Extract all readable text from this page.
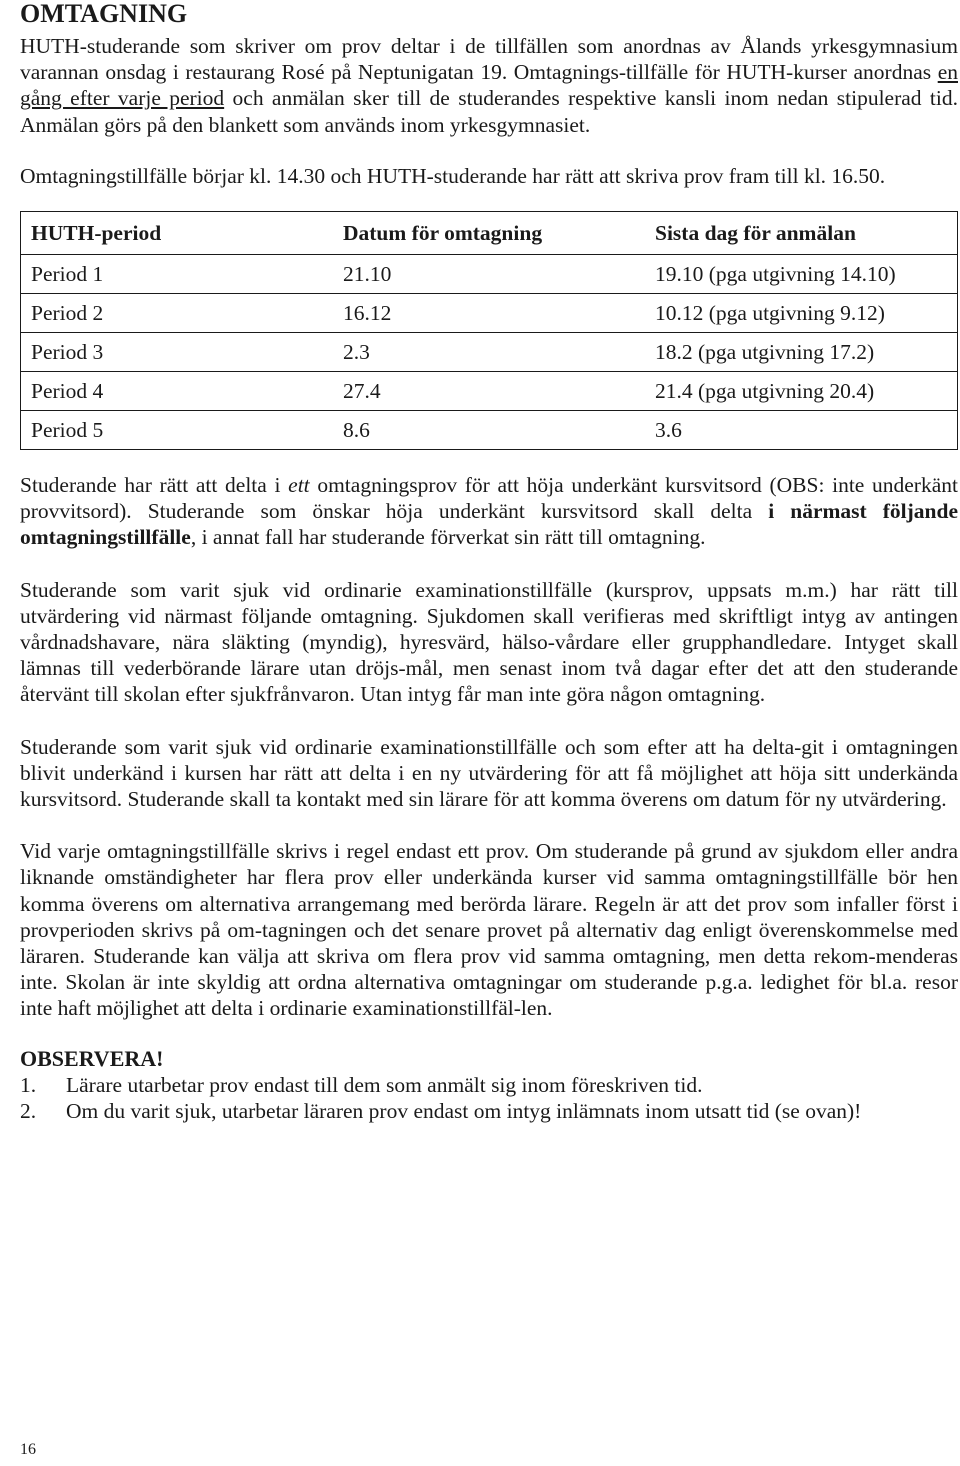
OMTAGNING

HUTH-studerande som skriver om prov deltar i de tillfällen som anordnas av Ålands yrkesgymnasium varannan onsdag i restaurang Rosé på Neptunigatan 19. Omtagnings-tillfälle för HUTH-kurser anordnas en gång efter varje period och anmälan sker till de studerandes respektive kansli inom nedan stipulerad tid. Anmälan görs på den blankett som används inom yrkesgymnasiet.

Omtagningstillfälle börjar kl. 14.30 och HUTH-studerande har rätt att skriva prov fram till kl. 16.50.

HUTH-period	Datum för omtagning	Sista dag för anmälan
Period 1	21.10	19.10 (pga utgivning 14.10)
Period 2	16.12	10.12 (pga utgivning 9.12)
Period 3	2.3	18.2 (pga utgivning 17.2)
Period 4	27.4	21.4 (pga utgivning 20.4)
Period 5	8.6	3.6

Studerande har rätt att delta i ett omtagningsprov för att höja underkänt kursvitsord (OBS: inte underkänt provvitsord). Studerande som önskar höja underkänt kursvitsord skall delta i närmast följande omtagningstillfälle, i annat fall har studerande förverkat sin rätt till omtagning.

Studerande som varit sjuk vid ordinarie examinationstillfälle (kursprov, uppsats m.m.) har rätt till utvärdering vid närmast följande omtagning. Sjukdomen skall verifieras med skriftligt intyg av antingen vårdnadshavare, nära släkting (myndig), hyresvärd, hälso-vårdare eller grupphandledare. Intyget skall lämnas till vederbörande lärare utan dröjs-mål, men senast inom två dagar efter det att den studerande återvänt till skolan efter sjukfrånvaron. Utan intyg får man inte göra någon omtagning.

Studerande som varit sjuk vid ordinarie examinationstillfälle och som efter att ha delta-git i omtagningen blivit underkänd i kursen har rätt att delta i en ny utvärdering för att få möjlighet att höja sitt underkända kursvitsord. Studerande skall ta kontakt med sin lärare för att komma överens om datum för ny utvärdering.

Vid varje omtagningstillfälle skrivs i regel endast ett prov. Om studerande på grund av sjukdom eller andra liknande omständigheter har flera prov eller underkända kurser vid samma omtagningstillfälle bör hen komma överens om alternativa arrangemang med berörda lärare. Regeln är att det prov som infaller först i provperioden skrivs på om-tagningen och det senare provet på alternativ dag enligt överenskommelse med läraren. Studerande kan välja att skriva om flera prov vid samma omtagning, men detta rekom-menderas inte. Skolan är inte skyldig att ordna alternativa omtagningar om studerande p.g.a. ledighet för bl.a. resor inte haft möjlighet att delta i ordinarie examinationstillfäl-len.

OBSERVERA!
1.	Lärare utarbetar prov endast till dem som anmält sig inom föreskriven tid.
2.	Om du varit sjuk, utarbetar läraren prov endast om intyg inlämnats inom utsatt tid (se ovan)!
16
